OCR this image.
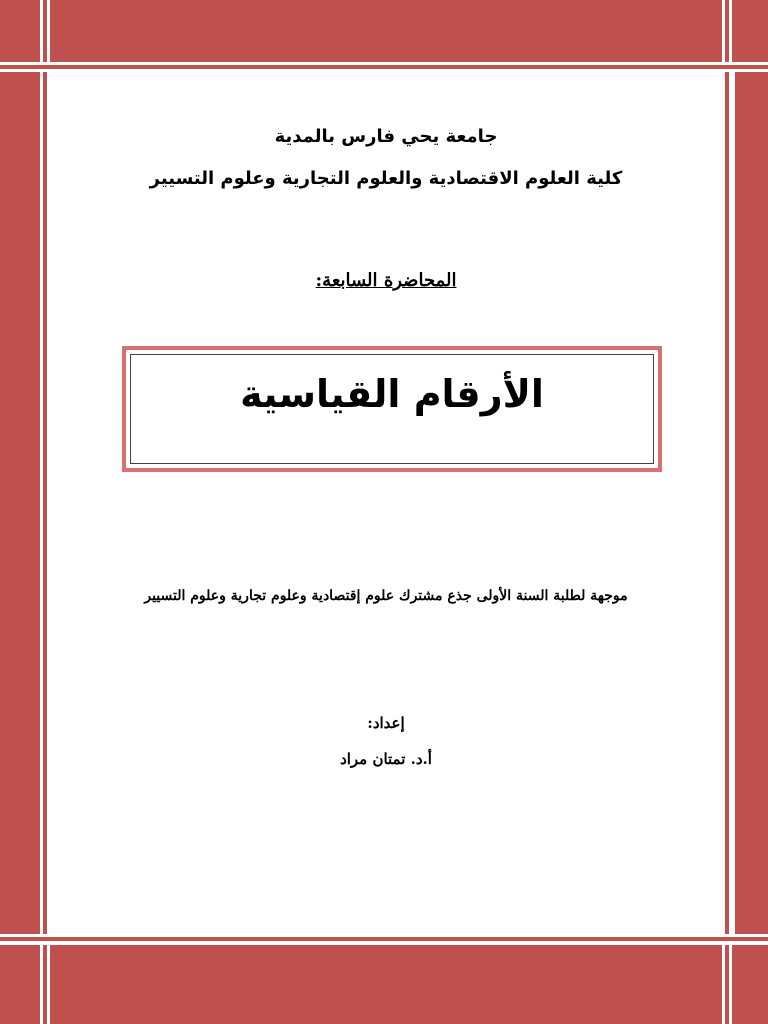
جامعة يحي فارس بالمدية
كلية العلوم الاقتصادية والعلوم التجارية وعلوم التسيير
المحاضرة السابعة:
الأرقام القياسية
موجهة لطلبة السنة الأولى جذع مشترك علوم إقتصادية وعلوم تجارية وعلوم التسيير
إعداد:
أ.د. تمتان مراد
